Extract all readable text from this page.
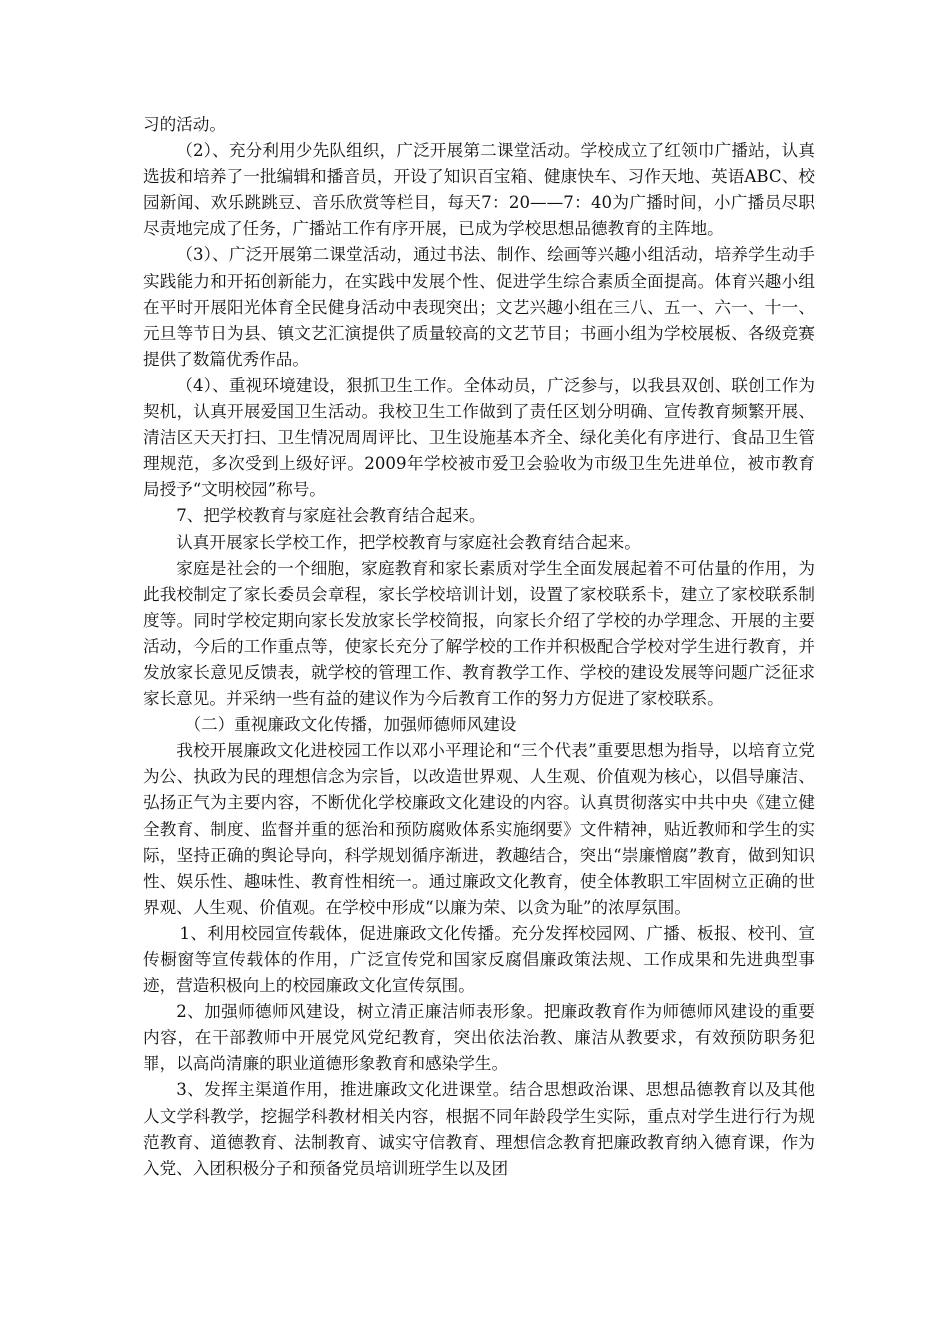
习的活动。

（2）、充分利用少先队组织，广泛开展第二课堂活动。学校成立了红领巾广播站，认真选拔和培养了一批编辑和播音员，开设了知识百宝箱、健康快车、习作天地、英语ABC、校园新闻、欢乐跳跳豆、音乐欣赏等栏目，每天7：20——7：40为广播时间，小广播员尽职尽责地完成了任务，广播站工作有序开展，已成为学校思想品德教育的主阵地。

（3）、广泛开展第二课堂活动，通过书法、制作、绘画等兴趣小组活动，培养学生动手实践能力和开拓创新能力，在实践中发展个性、促进学生综合素质全面提高。体育兴趣小组在平时开展阳光体育全民健身活动中表现突出；文艺兴趣小组在三八、五一、六一、十一、元旦等节日为县、镇文艺汇演提供了质量较高的文艺节目；书画小组为学校展板、各级竞赛提供了数篇优秀作品。

（4）、重视环境建设，狠抓卫生工作。全体动员，广泛参与，以我县双创、联创工作为契机，认真开展爱国卫生活动。我校卫生工作做到了责任区划分明确、宣传教育频繁开展、清洁区天天打扫、卫生情况周周评比、卫生设施基本齐全、绿化美化有序进行、食品卫生管理规范，多次受到上级好评。2009年学校被市爱卫会验收为市级卫生先进单位，被市教育局授予“文明校园”称号。

7、把学校教育与家庭社会教育结合起来。

认真开展家长学校工作，把学校教育与家庭社会教育结合起来。

家庭是社会的一个细胞，家庭教育和家长素质对学生全面发展起着不可估量的作用，为此我校制定了家长委员会章程，家长学校培训计划，设置了家校联系卡，建立了家校联系制度等。同时学校定期向家长发放家长学校简报，向家长介绍了学校的办学理念、开展的主要活动，今后的工作重点等，使家长充分了解学校的工作并积极配合学校对学生进行教育，并发放家长意见反馈表，就学校的管理工作、教育教学工作、学校的建设发展等问题广泛征求家长意见。并采纳一些有益的建议作为今后教育工作的努力方促进了家校联系。

（二）重视廉政文化传播，加强师德师风建设

我校开展廉政文化进校园工作以邓小平理论和“三个代表”重要思想为指导，以培育立党为公、执政为民的理想信念为宗旨，以改造世界观、人生观、价值观为核心，以倡导廉洁、弘扬正气为主要内容，不断优化学校廉政文化建设的内容。认真贯彻落实中共中央《建立健全教育、制度、监督并重的惩治和预防腐败体系实施纲要》文件精神，贴近教师和学生的实际，坚持正确的舆论导向，科学规划循序渐进，教趣结合，突出“崇廉憎腐”教育，做到知识性、娱乐性、趣味性、教育性相统一。通过廉政文化教育，使全体教职工牢固树立正确的世界观、人生观、价值观。在学校中形成“以廉为荣、以贪为耻”的浓厚氛围。

1、利用校园宣传载体，促进廉政文化传播。充分发挥校园网、广播、板报、校刊、宣传橱窗等宣传载体的作用，广泛宣传党和国家反腐倡廉政策法规、工作成果和先进典型事迹，营造积极向上的校园廉政文化宣传氛围。

2、加强师德师风建设，树立清正廉洁师表形象。把廉政教育作为师德师风建设的重要内容，在干部教师中开展党风党纪教育，突出依法治教、廉洁从教要求，有效预防职务犯罪，以高尚清廉的职业道德形象教育和感染学生。

3、发挥主渠道作用，推进廉政文化进课堂。结合思想政治课、思想品德教育以及其他人文学科教学，挖掘学科教材相关内容，根据不同年龄段学生实际，重点对学生进行行为规范教育、道德教育、法制教育、诚实守信教育、理想信念教育把廉政教育纳入德育课，作为入党、入团积极分子和预备党员培训班学生以及团
